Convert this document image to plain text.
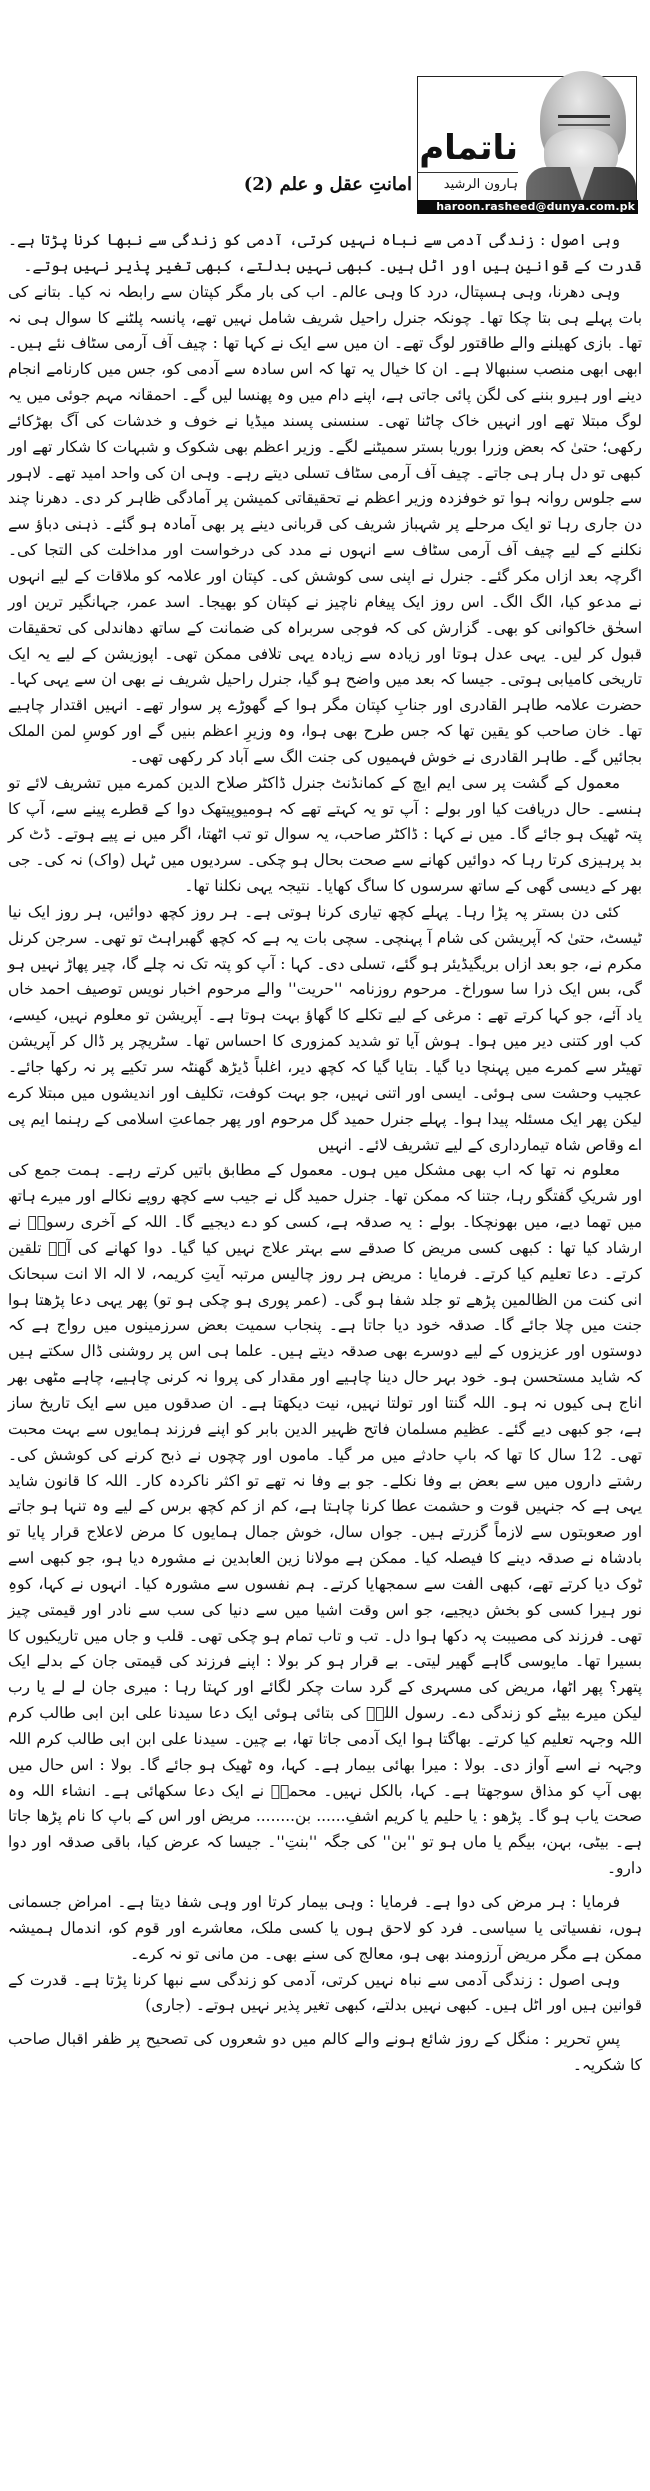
ناتمام
ہارون الرشید
haroon.rasheed@dunya.com.pk
امانتِ عقل و علم (2)

وہی اصول : زندگی آدمی سے نباہ نہیں کرتی، آدمی کو زندگی سے نبھا کرنا پڑتا ہے۔ قدرت کے قوانین ہیں اور اٹل ہیں۔ کبھی نہیں بدلتے، کبھی تغیر پذیر نہیں ہوتے۔

وہی دھرنا، وہی ہسپتال، درد کا وہی عالم۔ اب کی بار مگر کپتان سے رابطہ نہ کیا۔ بتانے کی بات پہلے ہی بتا چکا تھا۔ چونکہ جنرل راحیل شریف شامل نہیں تھے، پانسہ پلٹنے کا سوال ہی نہ تھا۔ بازی کھیلنے والے طاقتور لوگ تھے۔ ان میں سے ایک نے کہا تھا : چیف آف آرمی سٹاف نئے ہیں۔ ابھی ابھی منصب سنبھالا ہے۔ ان کا خیال یہ تھا کہ اس سادہ سے آدمی کو، جس میں کارنامے انجام دینے اور ہیرو بننے کی لگن پائی جاتی ہے، اپنے دام میں وہ پھنسا لیں گے۔ احمقانہ مہم جوئی میں یہ لوگ مبتلا تھے اور انہیں خاک چاٹنا تھی۔ سنسنی پسند میڈیا نے خوف و خدشات کی آگ بھڑکائے رکھی؛ حتیٰ کہ بعض وزرا بوریا بستر سمیٹنے لگے۔ وزیر اعظم بھی شکوک و شبہات کا شکار تھے اور کبھی تو دل ہار ہی جاتے۔ چیف آف آرمی سٹاف تسلی دیتے رہے۔ وہی ان کی واحد امید تھے۔ لاہور سے جلوس روانہ ہوا تو خوفزدہ وزیر اعظم نے تحقیقاتی کمیشن پر آمادگی ظاہر کر دی۔ دھرنا چند دن جاری رہا تو ایک مرحلے پر شہباز شریف کی قربانی دینے پر بھی آمادہ ہو گئے۔ ذہنی دباؤ سے نکلنے کے لیے چیف آف آرمی سٹاف سے انہوں نے مدد کی درخواست اور مداخلت کی التجا کی۔ اگرچہ بعد ازاں مکر گئے۔ جنرل نے اپنی سی کوشش کی۔ کپتان اور علامہ کو ملاقات کے لیے انہوں نے مدعو کیا، الگ الگ۔ اس روز ایک پیغام ناچیز نے کپتان کو بھیجا۔ اسد عمر، جہانگیر ترین اور اسحٰق خاکوانی کو بھی۔ گزارش کی کہ فوجی سربراہ کی ضمانت کے ساتھ دھاندلی کی تحقیقات قبول کر لیں۔ یہی عدل ہوتا اور زیادہ سے زیادہ یہی تلافی ممکن تھی۔ اپوزیشن کے لیے یہ ایک تاریخی کامیابی ہوتی۔ جیسا کہ بعد میں واضح ہو گیا، جنرل راحیل شریف نے بھی ان سے یہی کہا۔ حضرت علامہ طاہر القادری اور جنابِ کپتان مگر ہوا کے گھوڑے پر سوار تھے۔ انہیں اقتدار چاہیے تھا۔ خان صاحب کو یقین تھا کہ جس طرح بھی ہوا، وہ وزیرِ اعظم بنیں گے اور کوسِ لمن الملک بجائیں گے۔ طاہر القادری نے خوش فہمیوں کی جنت الگ سے آباد کر رکھی تھی۔

معمول کے گشت پر سی ایم ایچ کے کمانڈنٹ جنرل ڈاکٹر صلاح الدین کمرے میں تشریف لائے تو ہنسے۔ حال دریافت کیا اور بولے : آپ تو یہ کہتے تھے کہ ہومیوپیتھک دوا کے قطرے پینے سے، آپ کا پتہ ٹھیک ہو جائے گا۔ میں نے کہا : ڈاکٹر صاحب، یہ سوال تو تب اٹھتا، اگر میں نے پیے ہوتے۔ ڈٹ کر بد پرہیزی کرتا رہا کہ دوائیں کھانے سے صحت بحال ہو چکی۔ سردیوں میں ٹہل (واک) نہ کی۔ جی بھر کے دیسی گھی کے ساتھ سرسوں کا ساگ کھایا۔ نتیجہ یہی نکلنا تھا۔

کئی دن بستر پہ پڑا رہا۔ پہلے کچھ تیاری کرنا ہوتی ہے۔ ہر روز کچھ دوائیں، ہر روز ایک نیا ٹیسٹ، حتیٰ کہ آپریشن کی شام آ پہنچی۔ سچی بات یہ ہے کہ کچھ گھبراہٹ تو تھی۔ سرجن کرنل مکرم نے، جو بعد ازاں بریگیڈیئر ہو گئے، تسلی دی۔ کہا : آپ کو پتہ تک نہ چلے گا، چیر پھاڑ نہیں ہو گی، بس ایک ذرا سا سوراخ۔ مرحوم روزنامہ ''حریت'' والے مرحوم اخبار نویس توصیف احمد خاں یاد آئے، جو کہا کرتے تھے : مرغی کے لیے تکلے کا گھاؤ بہت ہوتا ہے۔ آپریشن تو معلوم نہیں، کیسے، کب اور کتنی دیر میں ہوا۔ ہوش آیا تو شدید کمزوری کا احساس تھا۔ سٹریچر پر ڈال کر آپریشن تھیٹر سے کمرے میں پہنچا دیا گیا۔ بتایا گیا کہ کچھ دیر، اغلباً ڈیڑھ گھنٹہ سر تکیے پر نہ رکھا جائے۔ عجیب وحشت سی ہوئی۔ ایسی اور اتنی نہیں، جو بہت کوفت، تکلیف اور اندیشوں میں مبتلا کرے لیکن پھر ایک مسئلہ پیدا ہوا۔ پہلے جنرل حمید گل مرحوم اور پھر جماعتِ اسلامی کے رہنما ایم پی اے وقاص شاہ تیمارداری کے لیے تشریف لائے۔ انہیں

معلوم نہ تھا کہ اب بھی مشکل میں ہوں۔ معمول کے مطابق باتیں کرتے رہے۔ ہمت جمع کی اور شریکِ گفتگو رہا، جتنا کہ ممکن تھا۔ جنرل حمید گل نے جیب سے کچھ روپے نکالے اور میرے ہاتھ میں تھما دیے، میں بھونچکا۔ بولے : یہ صدقہ ہے، کسی کو دے دیجیے گا۔ اللہ کے آخری رسولؐ نے ارشاد کیا تھا : کبھی کسی مریض کا صدقے سے بہتر علاج نہیں کیا گیا۔ دوا کھانے کی آپؐ تلقین کرتے۔ دعا تعلیم کیا کرتے۔ فرمایا : مریض ہر روز چالیس مرتبہ آیتِ کریمہ، لا الہ الا انت سبحانک انی کنت من الظالمین پڑھے تو جلد شفا ہو گی۔ (عمر پوری ہو چکی ہو تو) پھر یہی دعا پڑھتا ہوا جنت میں چلا جائے گا۔ صدقہ خود دیا جاتا ہے۔ پنجاب سمیت بعض سرزمینوں میں رواج ہے کہ دوستوں اور عزیزوں کے لیے دوسرے بھی صدقہ دیتے ہیں۔ علما ہی اس پر روشنی ڈال سکتے ہیں کہ شاید مستحسن ہو۔ خود بہر حال دینا چاہیے اور مقدار کی پروا نہ کرنی چاہیے، چاہے مٹھی بھر اناج ہی کیوں نہ ہو۔ اللہ گنتا اور تولتا نہیں، نیت دیکھتا ہے۔ ان صدقوں میں سے ایک تاریخ ساز ہے، جو کبھی دیے گئے۔ عظیم مسلمان فاتح ظہیر الدین بابر کو اپنے فرزند ہمایوں سے بہت محبت تھی۔ 12 سال کا تھا کہ باپ حادثے میں مر گیا۔ ماموں اور چچوں نے ذبح کرنے کی کوشش کی۔ رشتے داروں میں سے بعض بے وفا نکلے۔ جو بے وفا نہ تھے تو اکثر ناکردہ کار۔ اللہ کا قانون شاید یہی ہے کہ جنہیں قوت و حشمت عطا کرنا چاہتا ہے، کم از کم کچھ برس کے لیے وہ تنہا ہو جاتے اور صعوبتوں سے لازماً گزرتے ہیں۔ جواں سال، خوش جمال ہمایوں کا مرض لاعلاج قرار پایا تو بادشاہ نے صدقہ دینے کا فیصلہ کیا۔ ممکن ہے مولانا زین العابدین نے مشورہ دیا ہو، جو کبھی اسے ٹوک دیا کرتے تھے، کبھی الفت سے سمجھایا کرتے۔ ہم نفسوں سے مشورہ کیا۔ انہوں نے کہا، کوہِ نور ہیرا کسی کو بخش دیجیے، جو اس وقت اشیا میں سے دنیا کی سب سے نادر اور قیمتی چیز تھی۔ فرزند کی مصیبت پہ دکھا ہوا دل۔ تب و تاب تمام ہو چکی تھی۔ قلب و جاں میں تاریکیوں کا بسیرا تھا۔ مایوسی گاہے گھیر لیتی۔ بے قرار ہو کر بولا : اپنے فرزند کی قیمتی جان کے بدلے ایک پتھر؟ پھر اٹھا، مریض کی مسہری کے گرد سات چکر لگائے اور کہتا رہا : میری جان لے لے یا رب لیکن میرے بیٹے کو زندگی دے۔ رسول اللہؐ کی بتائی ہوئی ایک دعا سیدنا علی ابن ابی طالب کرم اللہ وجہہ تعلیم کیا کرتے۔ بھاگتا ہوا ایک آدمی جاتا تھا، بے چین۔ سیدنا علی ابن ابی طالب کرم اللہ وجہہ نے اسے آواز دی۔ بولا : میرا بھائی بیمار ہے۔ کہا، وہ ٹھیک ہو جائے گا۔ بولا : اس حال میں بھی آپ کو مذاق سوجھتا ہے۔ کہا، بالکل نہیں۔ محمدؐ نے ایک دعا سکھائی ہے۔ انشاء اللہ وہ صحت یاب ہو گا۔ پڑھو : یا حلیم یا کریم اشفِ...... بن........ مریض اور اس کے باپ کا نام پڑھا جاتا ہے۔ بیٹی، بہن، بیگم یا ماں ہو تو ''بن'' کی جگہ ''بنتِ''۔ جیسا کہ عرض کیا، باقی صدقہ اور دوا دارو۔

فرمایا : ہر مرض کی دوا ہے۔ فرمایا : وہی بیمار کرتا اور وہی شفا دیتا ہے۔ امراض جسمانی ہوں، نفسیاتی یا سیاسی۔ فرد کو لاحق ہوں یا کسی ملک، معاشرے اور قوم کو، اندمال ہمیشہ ممکن ہے مگر مریض آرزومند بھی ہو، معالج کی سنے بھی۔ من مانی تو نہ کرے۔

وہی اصول : زندگی آدمی سے نباہ نہیں کرتی، آدمی کو زندگی سے نبھا کرنا پڑتا ہے۔ قدرت کے قوانین ہیں اور اٹل ہیں۔ کبھی نہیں بدلتے، کبھی تغیر پذیر نہیں ہوتے۔ (جاری)

پسِ تحریر : منگل کے روز شائع ہونے والے کالم میں دو شعروں کی تصحیح پر ظفر اقبال صاحب کا شکریہ۔
